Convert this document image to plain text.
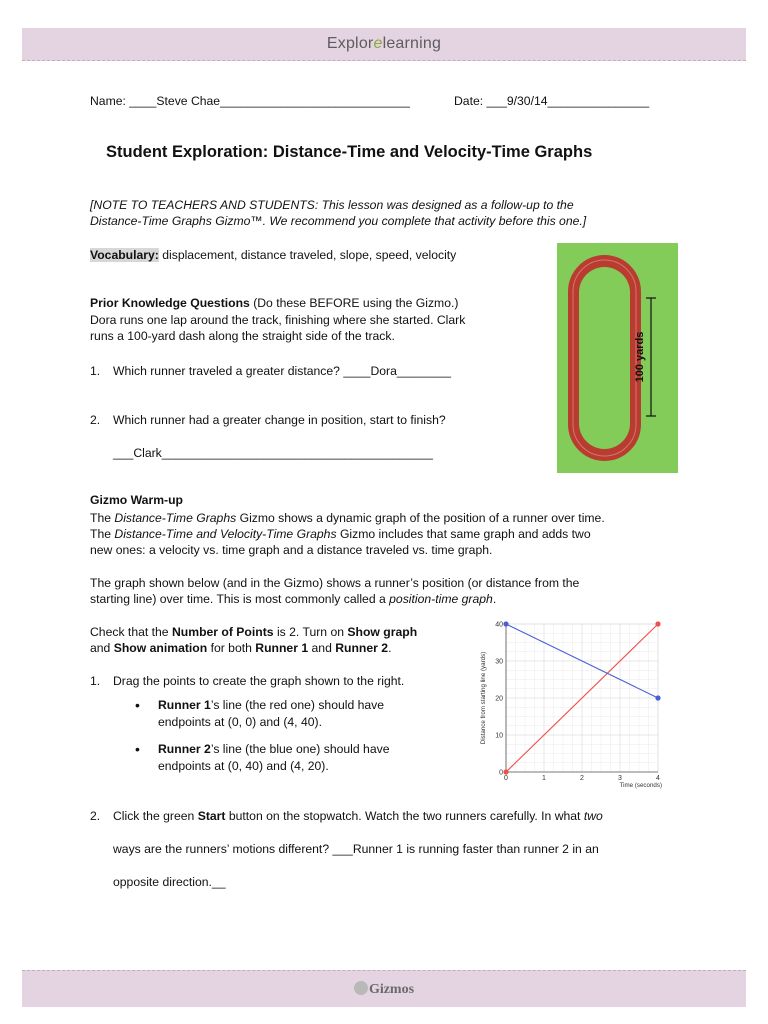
Explorelearning
Name: ____Steve Chae____________________________	Date: ___9/30/14_______________
Student Exploration: Distance-Time and Velocity-Time Graphs
[NOTE TO TEACHERS AND STUDENTS: This lesson was designed as a follow-up to the
Distance-Time Graphs Gizmo™. We recommend you complete that activity before this one.]
Vocabulary: displacement, distance traveled, slope, speed, velocity
Prior Knowledge Questions (Do these BEFORE using the Gizmo.)
Dora runs one lap around the track, finishing where she started. Clark
runs a 100-yard dash along the straight side of the track.
1. Which runner traveled a greater distance? ____Dora________
2. Which runner had a greater change in position, start to finish?
___Clark________________________________________
100 yards
Gizmo Warm-up
The Distance-Time Graphs Gizmo shows a dynamic graph of the position of a runner over time.
The Distance-Time and Velocity-Time Graphs Gizmo includes that same graph and adds two
new ones: a velocity vs. time graph and a distance traveled vs. time graph.
The graph shown below (and in the Gizmo) shows a runner’s position (or distance from the
starting line) over time. This is most commonly called a position-time graph.
Check that the Number of Points is 2. Turn on Show graph
and Show animation for both Runner 1 and Runner 2.
1. Drag the points to create the graph shown to the right.
• Runner 1’s line (the red one) should have
endpoints at (0, 0) and (4, 40).
• Runner 2’s line (the blue one) should have
endpoints at (0, 40) and (4, 20).
0	1	2	3	4
0
10
20
30
40
Distance from starting line (yards)
Time (seconds)
2. Click the green Start button on the stopwatch. Watch the two runners carefully. In what two
ways are the runners’ motions different? ___Runner 1 is running faster than runner 2 in an
opposite direction.__
Gizmos
